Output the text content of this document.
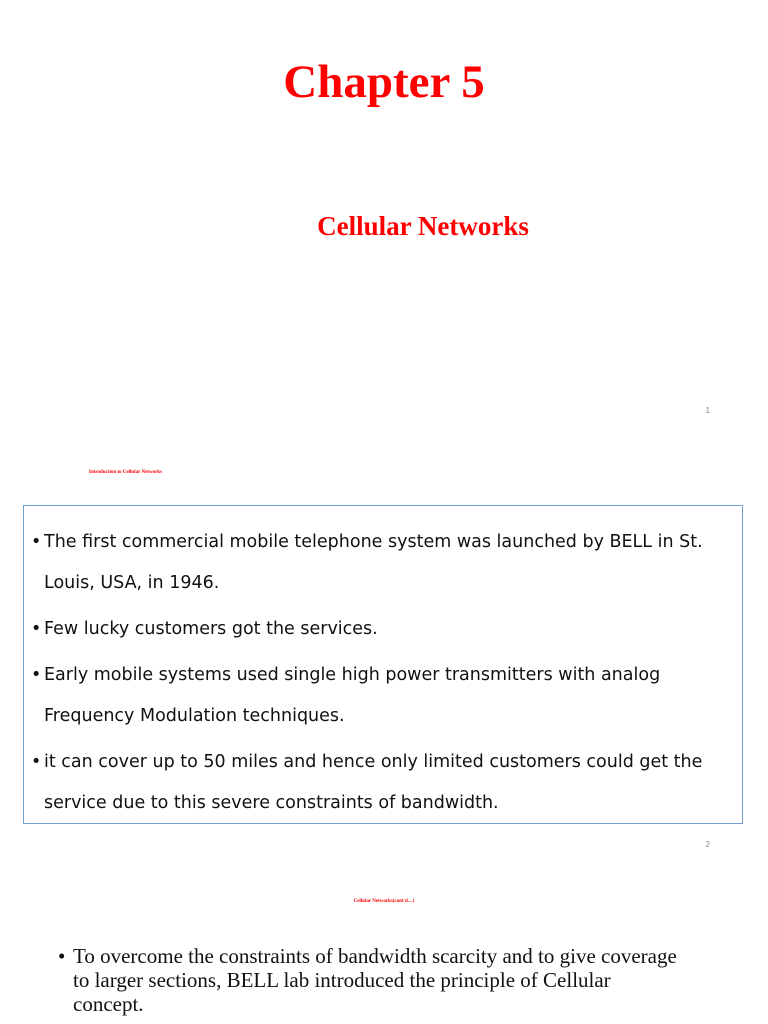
Chapter 5
Cellular Networks
1
Introduction to Cellular Networks
• The first commercial mobile telephone system was launched by BELL in St. Louis, USA, in 1946.
• Few lucky customers got the services.
• Early mobile systems used single high power transmitters with analog Frequency Modulation techniques.
• it can cover up to 50 miles and hence only limited customers could get the service due to this severe constraints of bandwidth.
2
Cellular Networks(cont'd…)
• To overcome the constraints of bandwidth scarcity and to give coverage to larger sections, BELL lab introduced the principle of Cellular concept.
